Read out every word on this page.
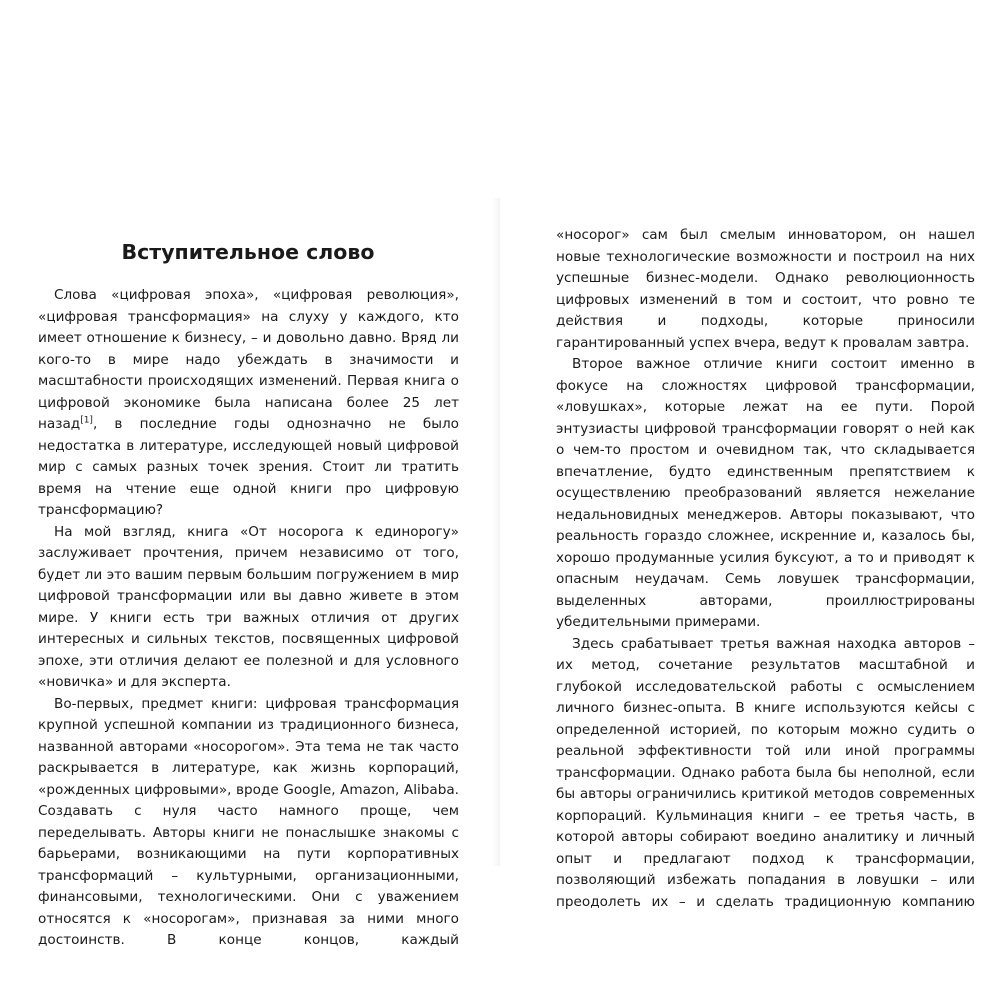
Вступительное слово

Слова «цифровая эпоха», «цифровая революция», «цифровая трансформация» на слуху у каждого, кто имеет отношение к бизнесу, – и довольно давно. Вряд ли кого-то в мире надо убеждать в значимости и масштабности происходящих изменений. Первая книга о цифровой экономике была написана более 25 лет назад[1], в последние годы однозначно не было недостатка в литературе, исследующей новый цифровой мир с самых разных точек зрения. Стоит ли тратить время на чтение еще одной книги про цифровую трансформацию?

На мой взгляд, книга «От носорога к единорогу» заслуживает прочтения, причем независимо от того, будет ли это вашим первым большим погружением в мир цифровой трансформации или вы давно живете в этом мире. У книги есть три важных отличия от других интересных и сильных текстов, посвященных цифровой эпохе, эти отличия делают ее полезной и для условного «новичка» и для эксперта.

Во-первых, предмет книги: цифровая трансформация крупной успешной компании из традиционного бизнеса, названной авторами «носорогом». Эта тема не так часто раскрывается в литературе, как жизнь корпораций, «рожденных цифровыми», вроде Google, Amazon, Alibaba. Создавать с нуля часто намного проще, чем переделывать. Авторы книги не понаслышке знакомы с барьерами, возникающими на пути корпоративных трансформаций – культурными, организационными, финансовыми, технологическими. Они с уважением относятся к «носорогам», признавая за ними много достоинств. В конце концов, каждый

«носорог» сам был смелым инноватором, он нашел новые технологические возможности и построил на них успешные бизнес-модели. Однако революционность цифровых изменений в том и состоит, что ровно те действия и подходы, которые приносили гарантированный успех вчера, ведут к провалам завтра.

Второе важное отличие книги состоит именно в фокусе на сложностях цифровой трансформации, «ловушках», которые лежат на ее пути. Порой энтузиасты цифровой трансформации говорят о ней как о чем-то простом и очевидном так, что складывается впечатление, будто единственным препятствием к осуществлению преобразований является нежелание недальновидных менеджеров. Авторы показывают, что реальность гораздо сложнее, искренние и, казалось бы, хорошо продуманные усилия буксуют, а то и приводят к опасным неудачам. Семь ловушек трансформации, выделенных авторами, проиллюстрированы убедительными примерами.

Здесь срабатывает третья важная находка авторов – их метод, сочетание результатов масштабной и глубокой исследовательской работы с осмыслением личного бизнес-опыта. В книге используются кейсы с определенной историей, по которым можно судить о реальной эффективности той или иной программы трансформации. Однако работа была бы неполной, если бы авторы ограничились критикой методов современных корпораций. Кульминация книги – ее третья часть, в которой авторы собирают воедино аналитику и личный опыт и предлагают подход к трансформации, позволяющий избежать попадания в ловушки – или преодолеть их – и сделать традиционную компанию
